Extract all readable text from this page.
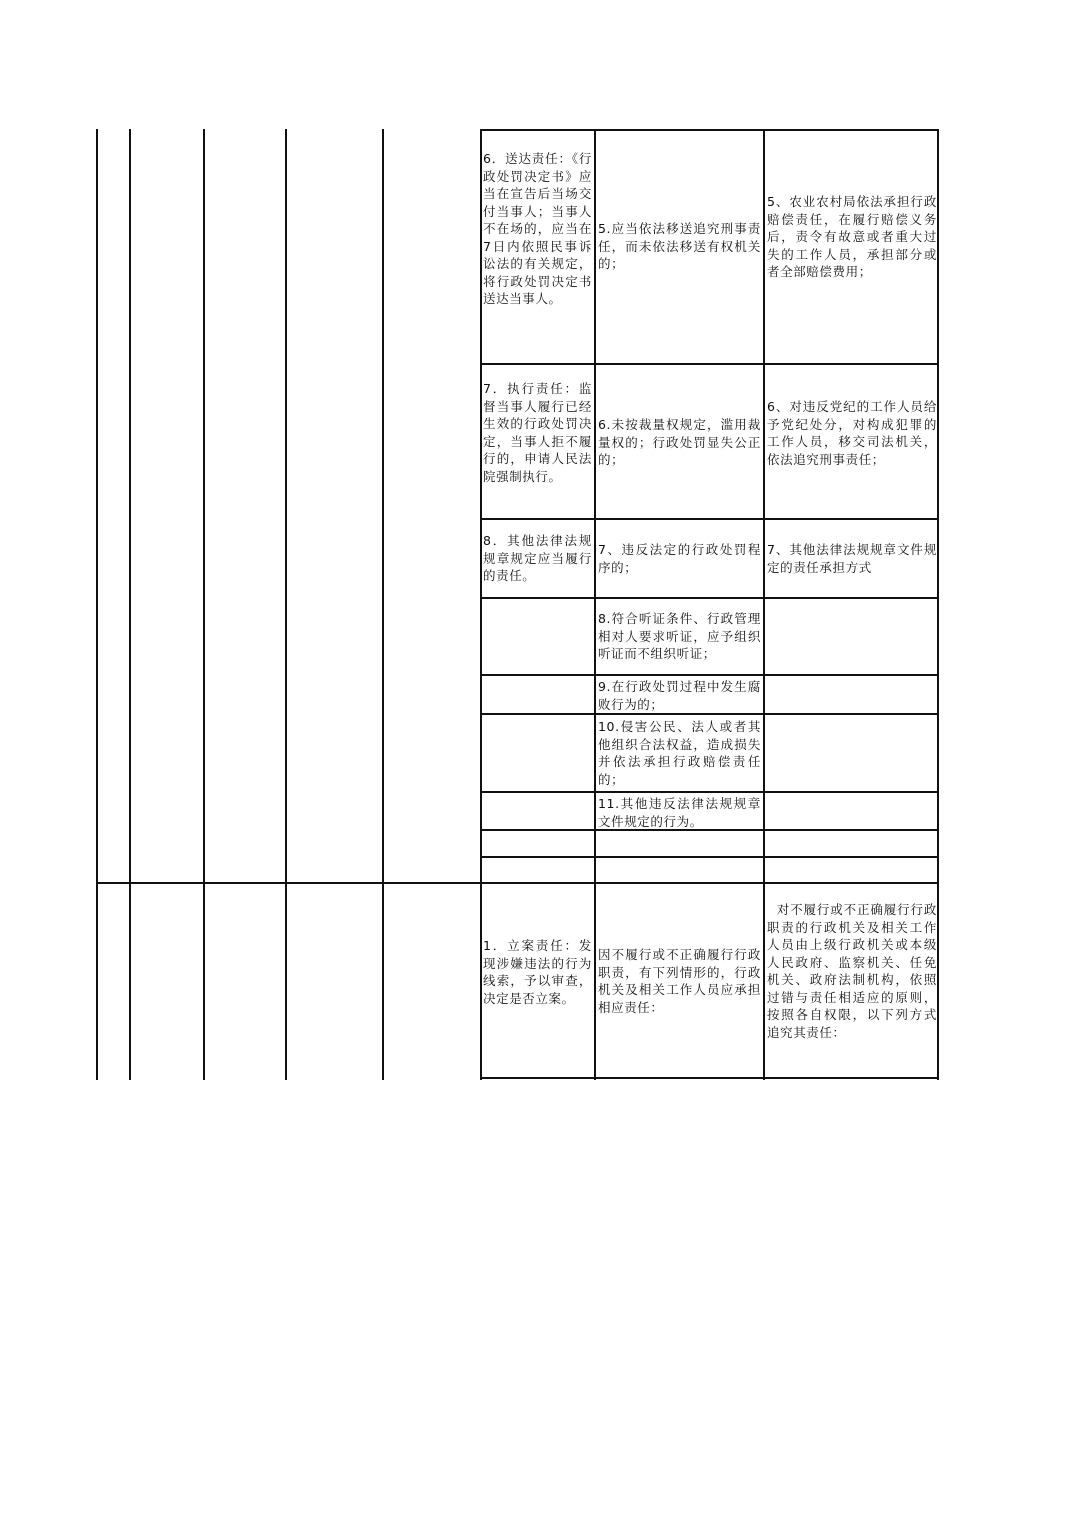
6．送达责任：《行政处罚决定书》应当在宣告后当场交付当事人；当事人不在场的，应当在7日内依照民事诉讼法的有关规定，将行政处罚决定书送达当事人。
5.应当依法移送追究刑事责任，而未依法移送有权机关的；
5、农业农村局依法承担行政赔偿责任，在履行赔偿义务后，责令有故意或者重大过失的工作人员，承担部分或者全部赔偿费用；
7．执行责任：监督当事人履行已经生效的行政处罚决定，当事人拒不履行的，申请人民法院强制执行。
6.未按裁量权规定，滥用裁量权的；行政处罚显失公正的；
6、对违反党纪的工作人员给予党纪处分，对构成犯罪的工作人员，移交司法机关，依法追究刑事责任；
8．其他法律法规规章规定应当履行的责任。
7、违反法定的行政处罚程序的；
7、其他法律法规规章文件规定的责任承担方式
8.符合听证条件、行政管理相对人要求听证，应予组织听证而不组织听证；
9.在行政处罚过程中发生腐败行为的；
10.侵害公民、法人或者其他组织合法权益，造成损失并依法承担行政赔偿责任的；
11.其他违反法律法规规章文件规定的行为。
1．立案责任：发现涉嫌违法的行为线索，予以审查，决定是否立案。
因不履行或不正确履行行政职责，有下列情形的，行政机关及相关工作人员应承担相应责任：
对不履行或不正确履行行政职责的行政机关及相关工作人员由上级行政机关或本级人民政府、监察机关、任免机关、政府法制机构，依照过错与责任相适应的原则，按照各自权限，以下列方式追究其责任：
